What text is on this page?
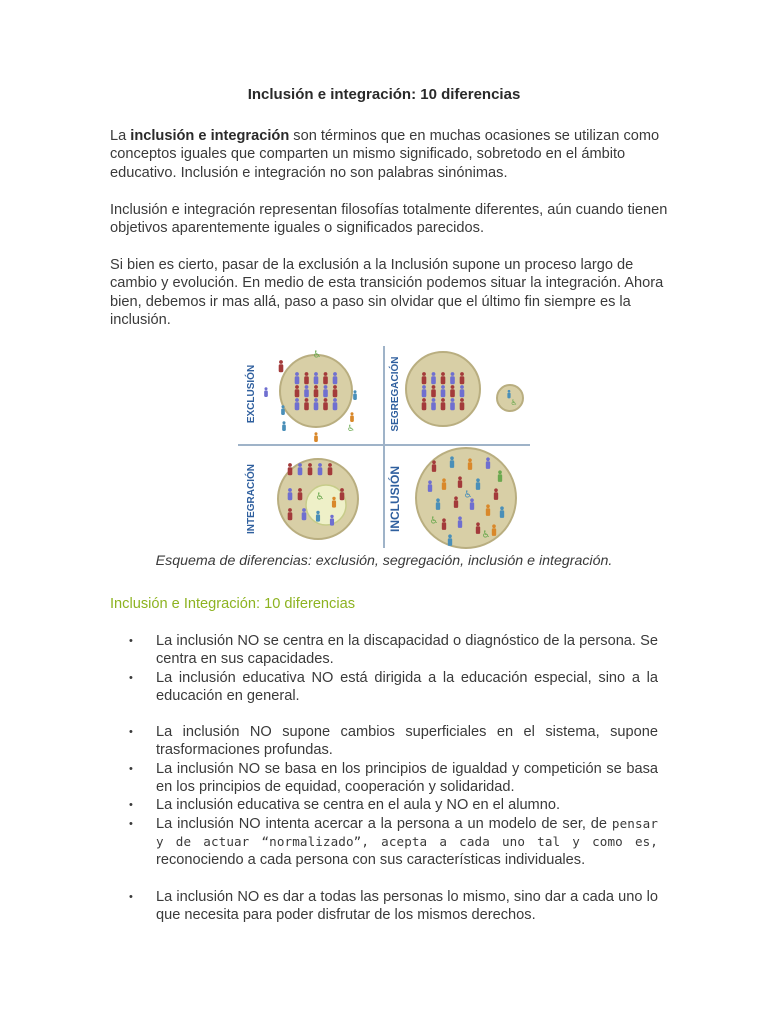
Inclusión e integración: 10 diferencias

La inclusión e integración son términos que en muchas ocasiones se utilizan como conceptos iguales que comparten un mismo significado, sobretodo en el ámbito educativo. Inclusión e integración no son palabras sinónimas.

Inclusión e integración representan filosofías totalmente diferentes, aún cuando tienen objetivos aparentemente iguales o significados parecidos.

Si bien es cierto, pasar de la exclusión a la Inclusión supone un proceso largo de cambio y evolución. En medio de esta transición podemos situar la integración. Ahora bien, debemos ir mas allá, paso a paso sin olvidar que el último fin siempre es la inclusión.

EXCLUSIÓN	SEGREGACIÓN
INTEGRACIÓN	INCLUSIÓN
♿
♿
♿
♿	♿
♿
♿
Esquema de diferencias: exclusión, segregación, inclusión e integración.
Inclusión e Integración: 10 diferencias
• La inclusión NO se centra en la discapacidad o diagnóstico de la persona. Se centra en sus capacidades.
• La inclusión educativa NO está dirigida a la educación especial, sino a la educación en general.
• La inclusión NO supone cambios superficiales en el sistema, supone trasformaciones profundas.
• La inclusión NO se basa en los principios de igualdad y competición se basa en los principios de equidad, cooperación y solidaridad.
• La inclusión educativa se centra en el aula y NO en el alumno.
• La inclusión NO intenta acercar a la persona a un modelo de ser, de pensar y de actuar “normalizado”, acepta a cada uno tal y como es, reconociendo a cada persona con sus características individuales.
• La inclusión NO es dar a todas las personas lo mismo, sino dar a cada uno lo que necesita para poder disfrutar de los mismos derechos.
